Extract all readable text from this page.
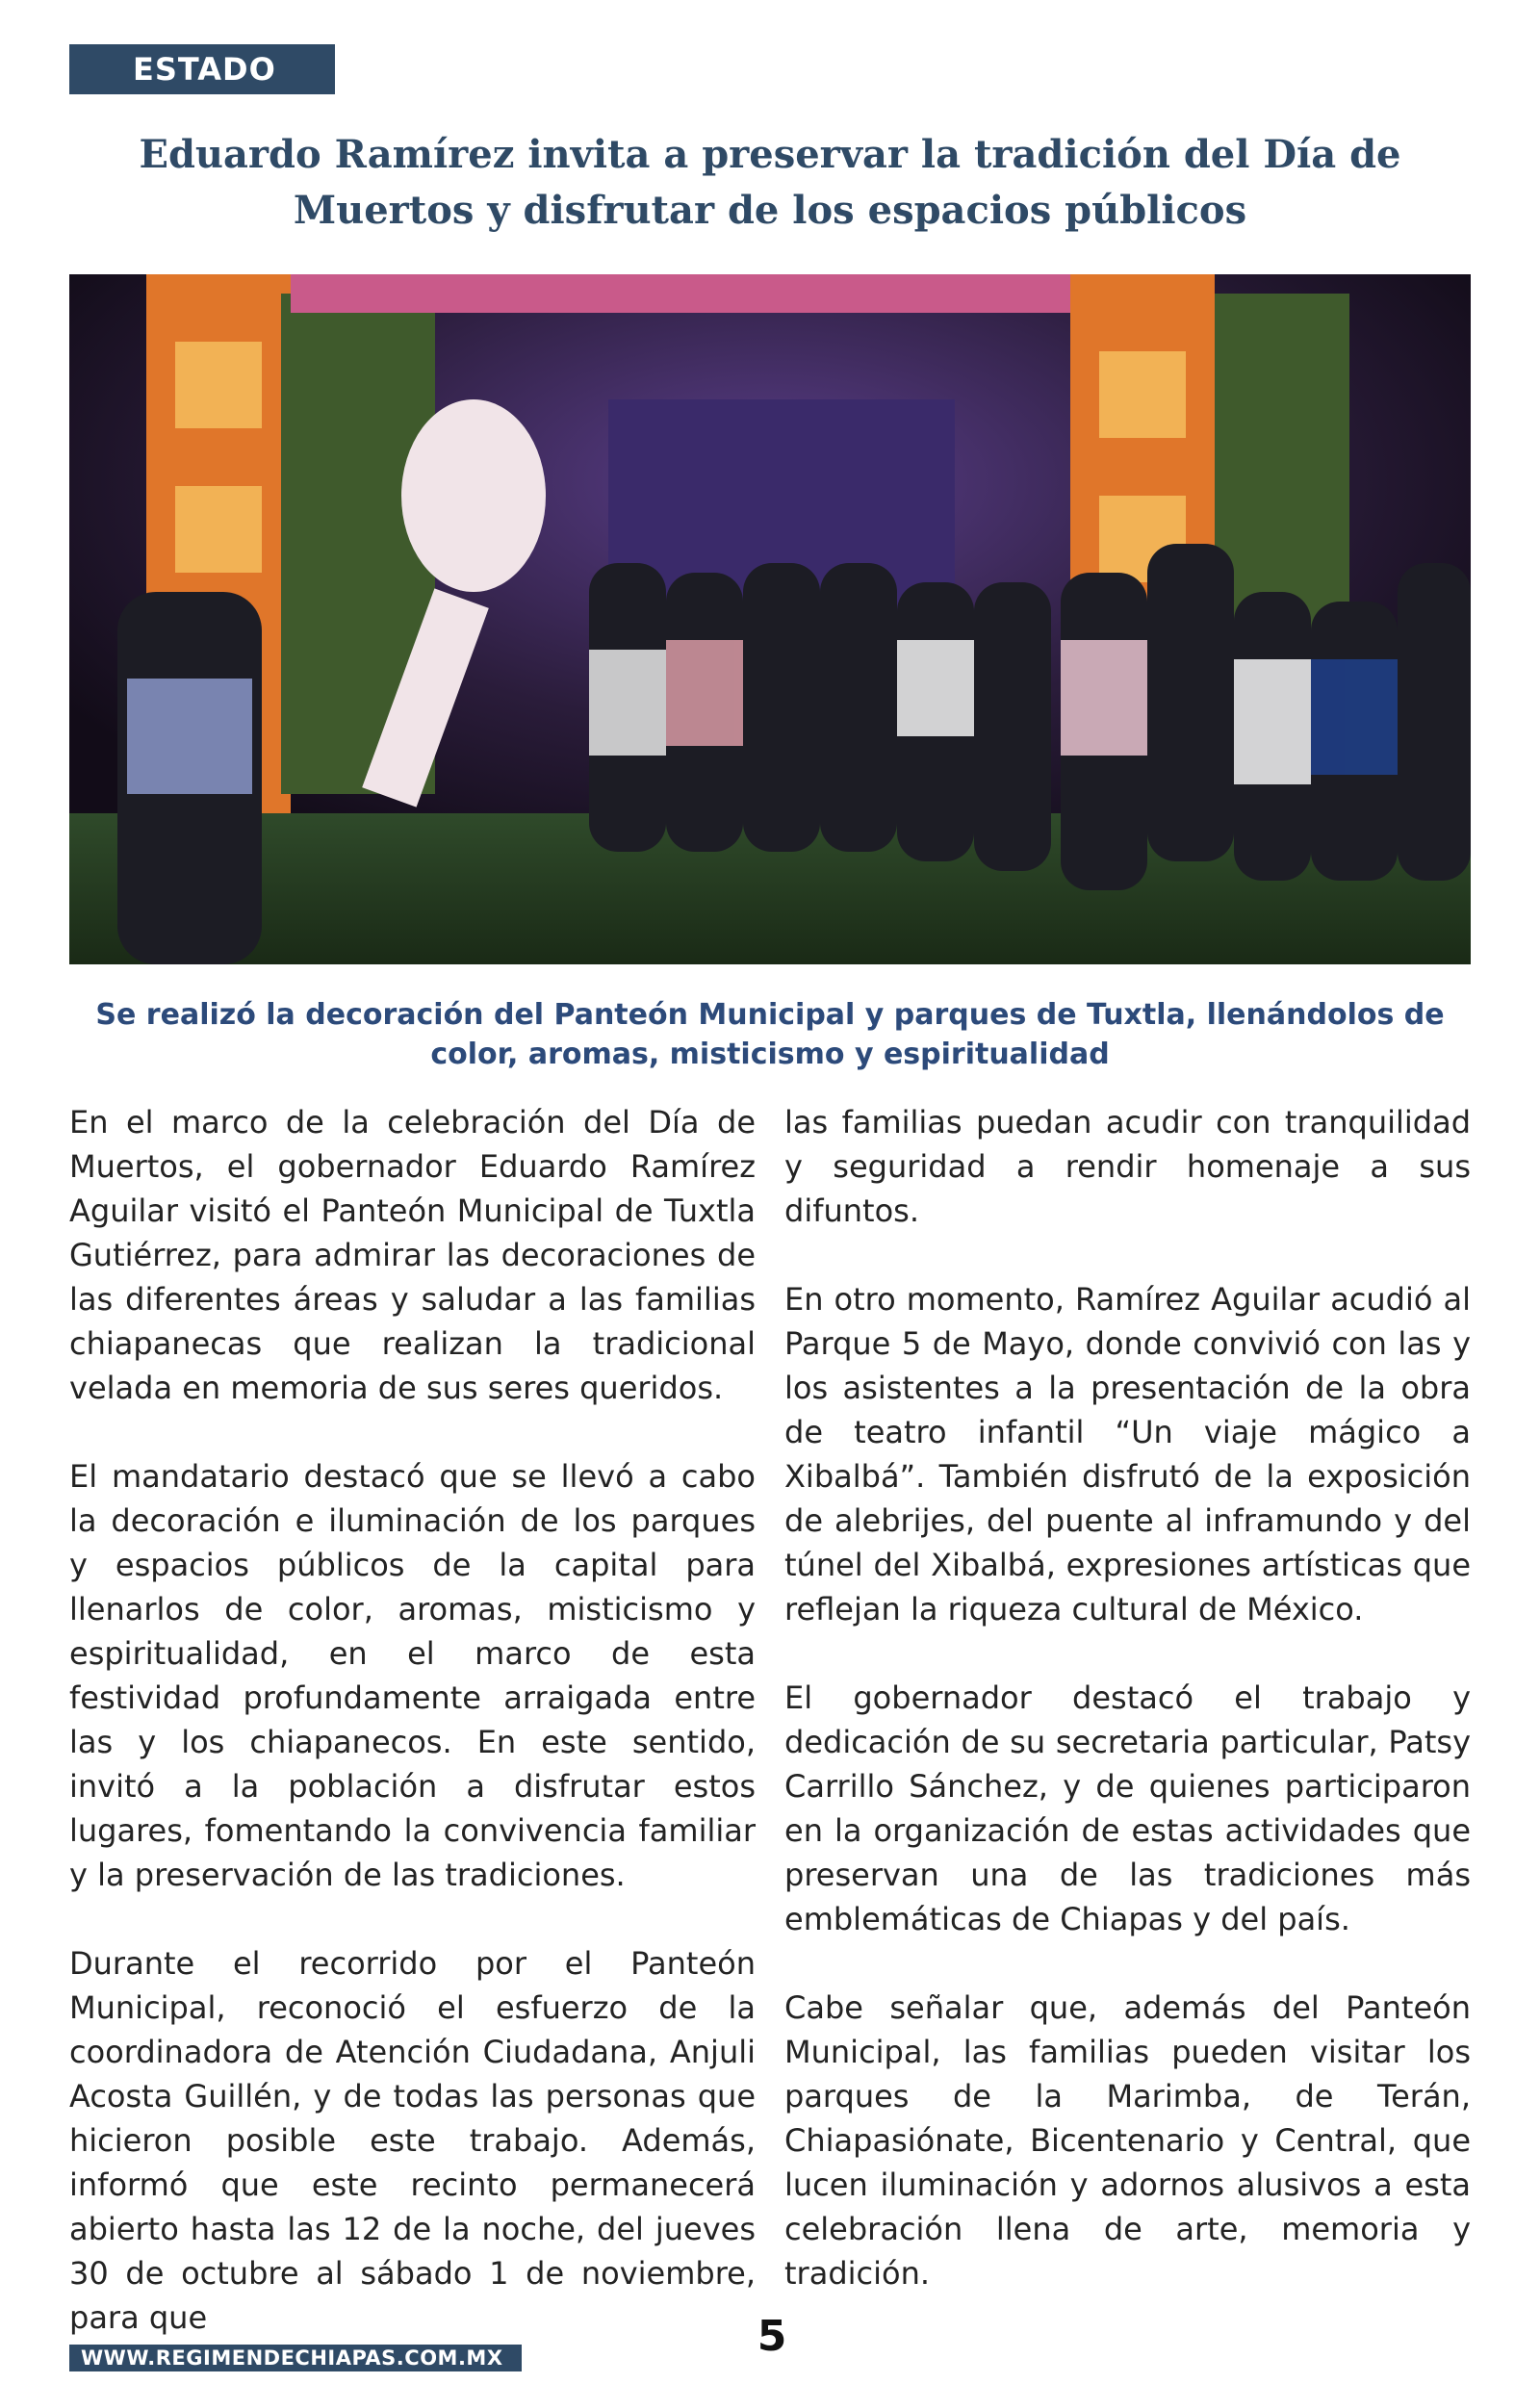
ESTADO
Eduardo Ramírez invita a preservar la tradición del Día de Muertos y disfrutar de los espacios públicos

Se realizó la decoración del Panteón Municipal y parques de Tuxtla, llenándolos de color, aromas, misticismo y espiritualidad

En el marco de la celebración del Día de Muertos, el gobernador Eduardo Ramírez Aguilar visitó el Panteón Municipal de Tuxtla Gutiérrez, para admirar las decoraciones de las diferentes áreas y saludar a las familias chiapanecas que realizan la tradicional velada en memoria de sus seres queridos.

El mandatario destacó que se llevó a cabo la decoración e iluminación de los parques y espacios públicos de la capital para llenarlos de color, aromas, misticismo y espiritualidad, en el marco de esta festividad profundamente arraigada entre las y los chiapanecos. En este sentido, invitó a la población a disfrutar estos lugares, fomentando la convivencia familiar y la preservación de las tradiciones.

Durante el recorrido por el Panteón Municipal, reconoció el esfuerzo de la coordinadora de Atención Ciudadana, Anjuli Acosta Guillén, y de todas las personas que hicieron posible este trabajo. Además, informó que este recinto permanecerá abierto hasta las 12 de la noche, del jueves 30 de octubre al sábado 1 de noviembre, para que

las familias puedan acudir con tranquilidad y seguridad a rendir homenaje a sus difuntos.

En otro momento, Ramírez Aguilar acudió al Parque 5 de Mayo, donde convivió con las y los asistentes a la presentación de la obra de teatro infantil “Un viaje mágico a Xibalbá”. También disfrutó de la exposición de alebrijes, del puente al inframundo y del túnel del Xibalbá, expresiones artísticas que reflejan la riqueza cultural de México.

El gobernador destacó el trabajo y dedicación de su secretaria particular, Patsy Carrillo Sánchez, y de quienes participaron en la organización de estas actividades que preservan una de las tradiciones más emblemáticas de Chiapas y del país.

Cabe señalar que, además del Panteón Municipal, las familias pueden visitar los parques de la Marimba, de Terán, Chiapasiónate, Bicentenario y Central, que lucen iluminación y adornos alusivos a esta celebración llena de arte, memoria y tradición.

WWW.REGIMENDECHIAPAS.COM.MX	5
